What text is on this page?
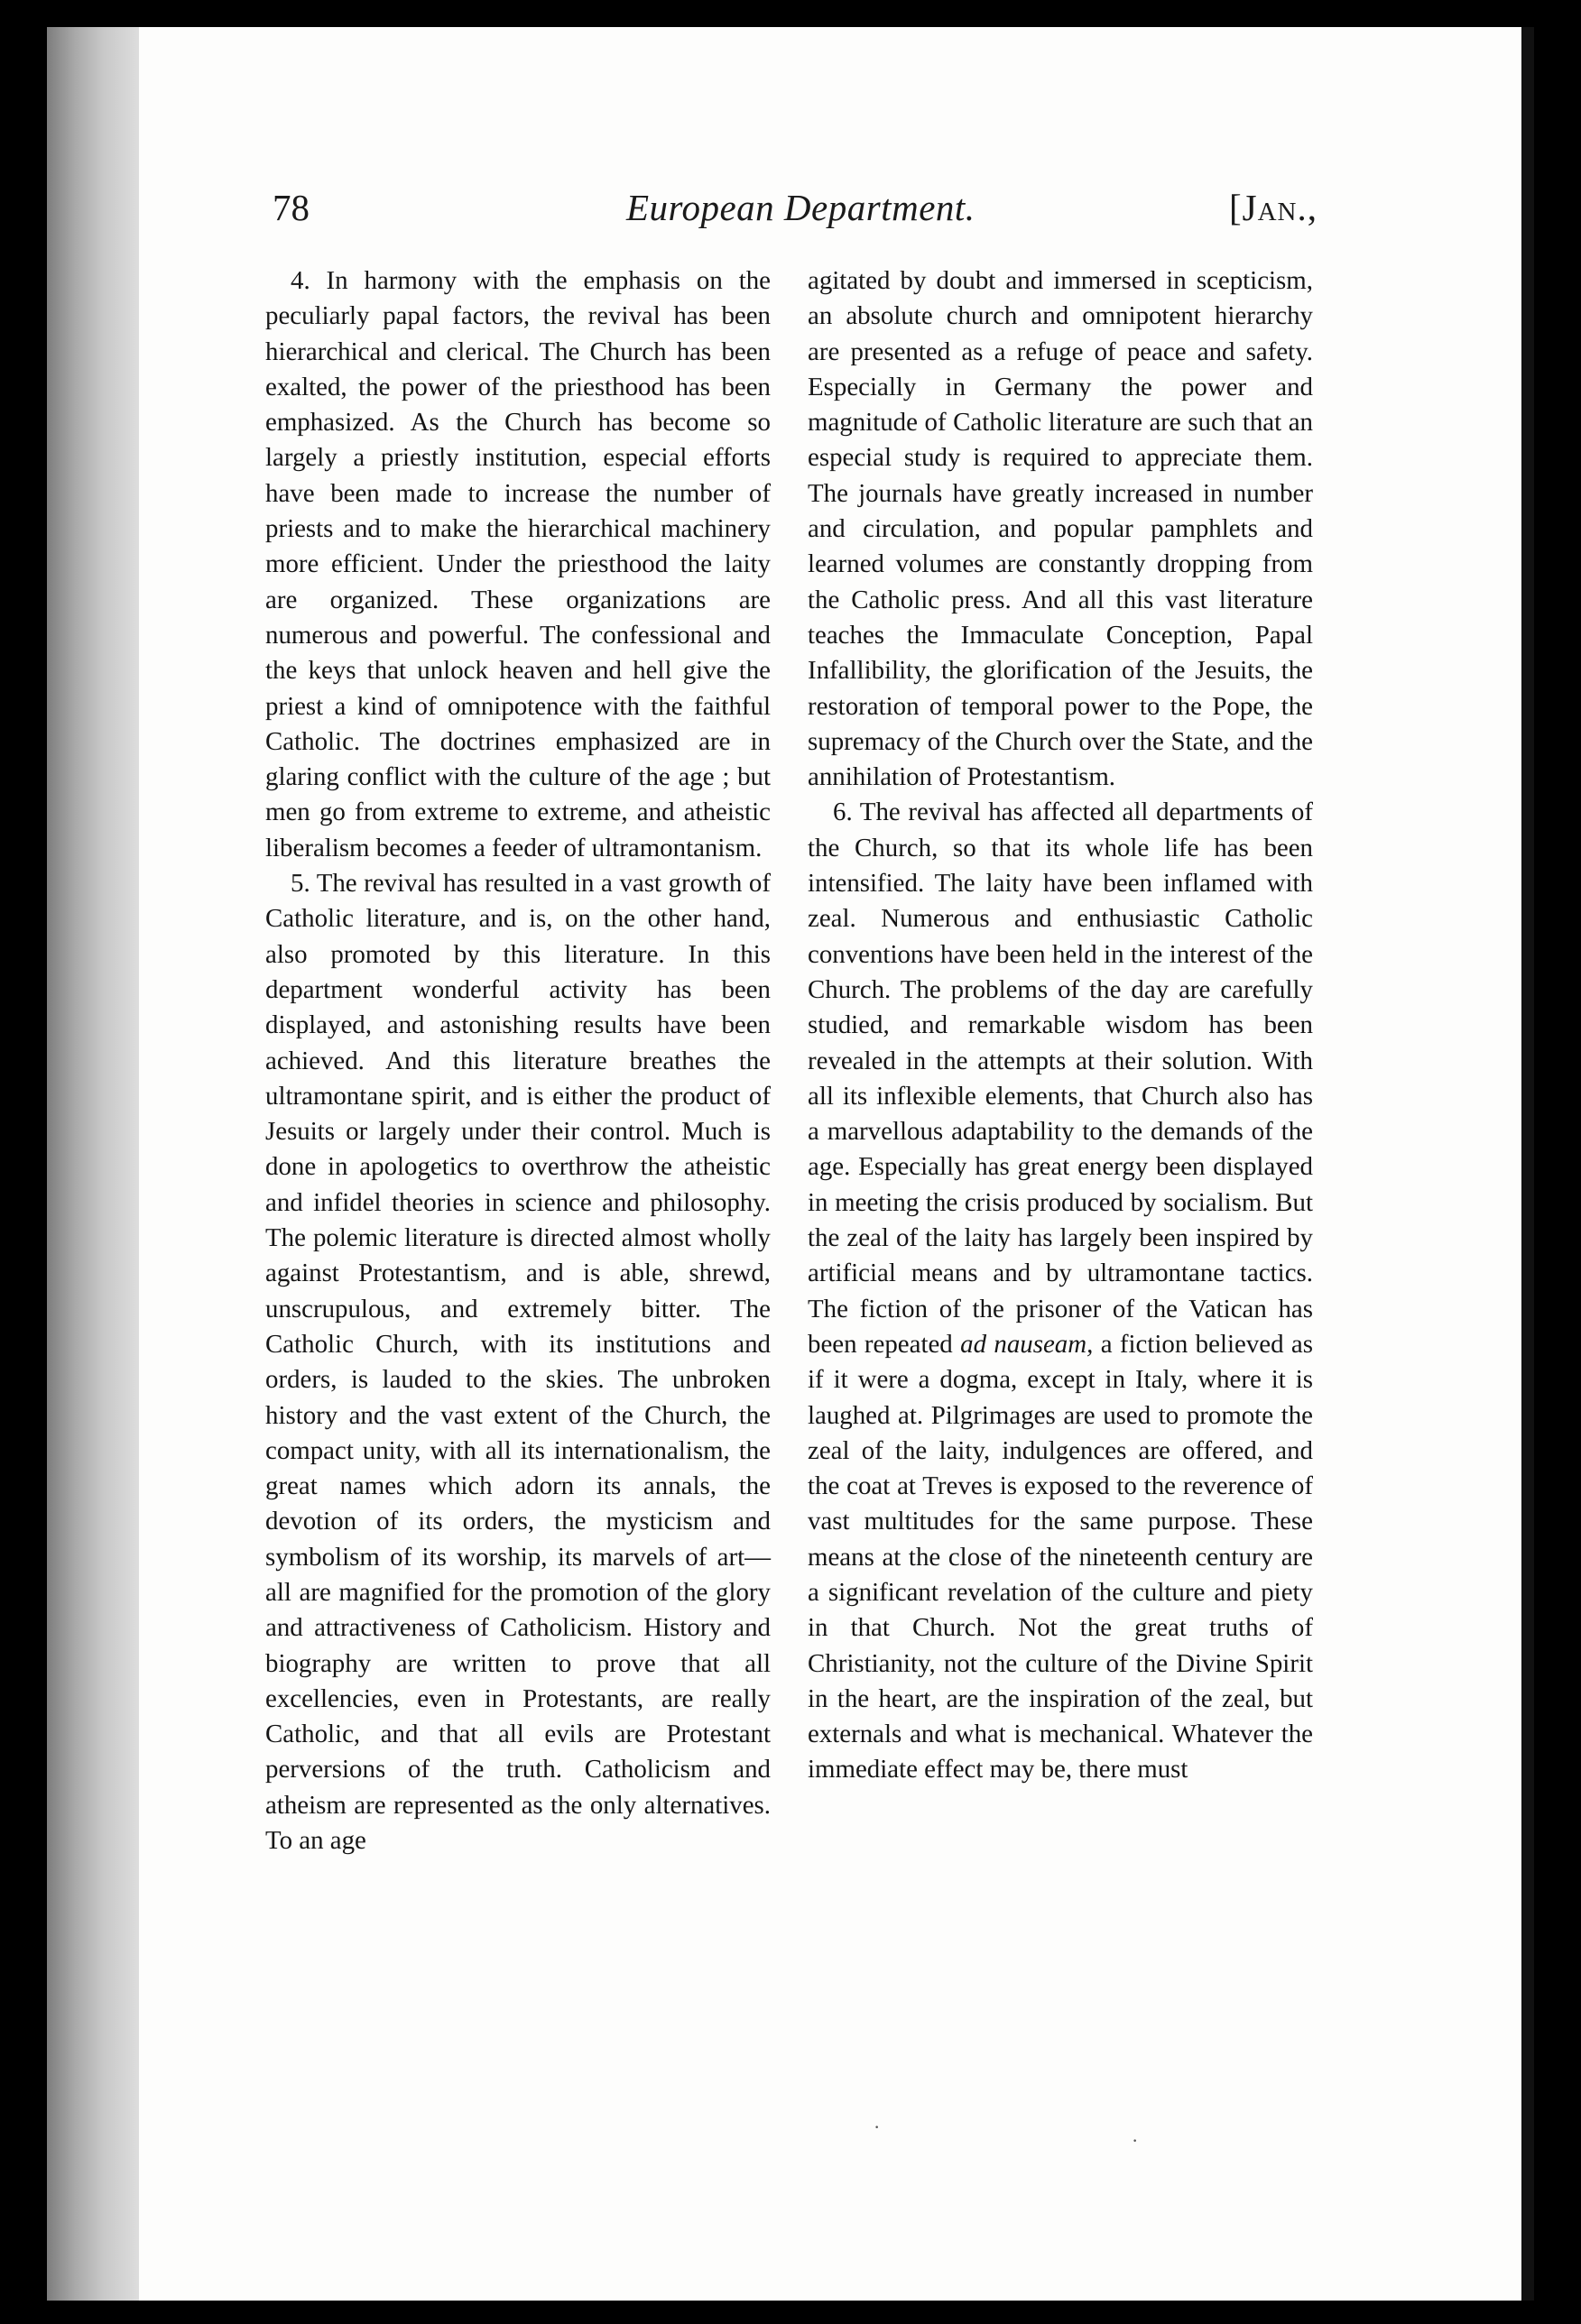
78	European Department.	[Jan.,

4. In harmony with the emphasis on the peculiarly papal factors, the revival has been hierarchical and clerical. The Church has been exalted, the power of the priesthood has been emphasized. As the Church has become so largely a priestly institution, especial efforts have been made to increase the number of priests and to make the hierarchical machinery more efficient. Under the priesthood the laity are organized. These organizations are numerous and powerful. The confessional and the keys that unlock heaven and hell give the priest a kind of omnipotence with the faithful Catholic. The doctrines emphasized are in glaring conflict with the culture of the age ; but men go from extreme to extreme, and atheistic liberalism becomes a feeder of ultramontanism.

5. The revival has resulted in a vast growth of Catholic literature, and is, on the other hand, also promoted by this literature. In this department wonderful activity has been displayed, and astonishing results have been achieved. And this literature breathes the ultramontane spirit, and is either the product of Jesuits or largely under their control. Much is done in apologetics to overthrow the atheistic and infidel theories in science and philosophy. The polemic literature is directed almost wholly against Protestantism, and is able, shrewd, unscrupulous, and extremely bitter. The Catholic Church, with its institutions and orders, is lauded to the skies. The unbroken history and the vast extent of the Church, the compact unity, with all its internationalism, the great names which adorn its annals, the devotion of its orders, the mysticism and symbolism of its worship, its marvels of art—all are magnified for the promotion of the glory and attractiveness of Catholicism. History and biography are written to prove that all excellencies, even in Protestants, are really Catholic, and that all evils are Protestant perversions of the truth. Catholicism and atheism are represented as the only alternatives. To an age

agitated by doubt and immersed in scepticism, an absolute church and omnipotent hierarchy are presented as a refuge of peace and safety. Especially in Germany the power and magnitude of Catholic literature are such that an especial study is required to appreciate them. The journals have greatly increased in number and circulation, and popular pamphlets and learned volumes are constantly dropping from the Catholic press. And all this vast literature teaches the Immaculate Conception, Papal Infallibility, the glorification of the Jesuits, the restoration of temporal power to the Pope, the supremacy of the Church over the State, and the annihilation of Protestantism.

6. The revival has affected all departments of the Church, so that its whole life has been intensified. The laity have been inflamed with zeal. Numerous and enthusiastic Catholic conventions have been held in the interest of the Church. The problems of the day are carefully studied, and remarkable wisdom has been revealed in the attempts at their solution. With all its inflexible elements, that Church also has a marvellous adaptability to the demands of the age. Especially has great energy been displayed in meeting the crisis produced by socialism. But the zeal of the laity has largely been inspired by artificial means and by ultramontane tactics. The fiction of the prisoner of the Vatican has been repeated ad nauseam, a fiction believed as if it were a dogma, except in Italy, where it is laughed at. Pilgrimages are used to promote the zeal of the laity, indulgences are offered, and the coat at Treves is exposed to the reverence of vast multitudes for the same purpose. These means at the close of the nineteenth century are a significant revelation of the culture and piety in that Church. Not the great truths of Christianity, not the culture of the Divine Spirit in the heart, are the inspiration of the zeal, but externals and what is mechanical. Whatever the immediate effect may be, there must

·
·
